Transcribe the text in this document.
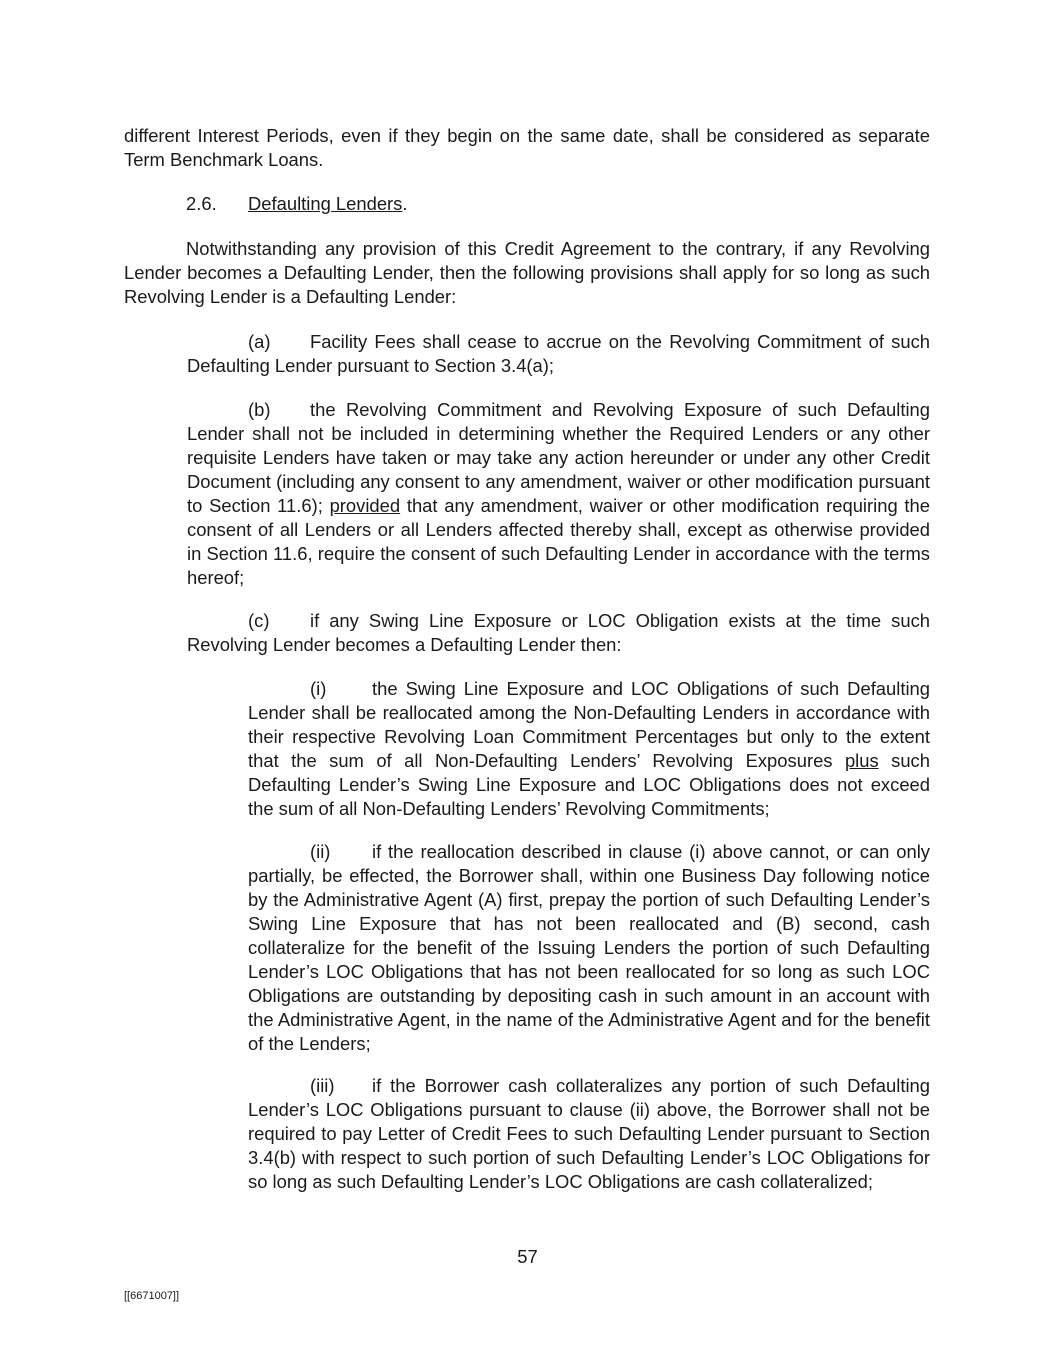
different Interest Periods, even if they begin on the same date, shall be considered as separate Term Benchmark Loans.

2.6. Defaulting Lenders.

Notwithstanding any provision of this Credit Agreement to the contrary, if any Revolving Lender becomes a Defaulting Lender, then the following provisions shall apply for so long as such Revolving Lender is a Defaulting Lender:

(a) Facility Fees shall cease to accrue on the Revolving Commitment of such Defaulting Lender pursuant to Section 3.4(a);

(b) the Revolving Commitment and Revolving Exposure of such Defaulting Lender shall not be included in determining whether the Required Lenders or any other requisite Lenders have taken or may take any action hereunder or under any other Credit Document (including any consent to any amendment, waiver or other modification pursuant to Section 11.6); provided that any amendment, waiver or other modification requiring the consent of all Lenders or all Lenders affected thereby shall, except as otherwise provided in Section 11.6, require the consent of such Defaulting Lender in accordance with the terms hereof;

(c) if any Swing Line Exposure or LOC Obligation exists at the time such Revolving Lender becomes a Defaulting Lender then:

(i) the Swing Line Exposure and LOC Obligations of such Defaulting Lender shall be reallocated among the Non-Defaulting Lenders in accordance with their respective Revolving Loan Commitment Percentages but only to the extent that the sum of all Non-Defaulting Lenders’ Revolving Exposures plus such Defaulting Lender’s Swing Line Exposure and LOC Obligations does not exceed the sum of all Non-Defaulting Lenders’ Revolving Commitments;

(ii) if the reallocation described in clause (i) above cannot, or can only partially, be effected, the Borrower shall, within one Business Day following notice by the Administrative Agent (A) first, prepay the portion of such Defaulting Lender’s Swing Line Exposure that has not been reallocated and (B) second, cash collateralize for the benefit of the Issuing Lenders the portion of such Defaulting Lender’s LOC Obligations that has not been reallocated for so long as such LOC Obligations are outstanding by depositing cash in such amount in an account with the Administrative Agent, in the name of the Administrative Agent and for the benefit of the Lenders;

(iii) if the Borrower cash collateralizes any portion of such Defaulting Lender’s LOC Obligations pursuant to clause (ii) above, the Borrower shall not be required to pay Letter of Credit Fees to such Defaulting Lender pursuant to Section 3.4(b) with respect to such portion of such Defaulting Lender’s LOC Obligations for so long as such Defaulting Lender’s LOC Obligations are cash collateralized;

57
[[6671007]]
